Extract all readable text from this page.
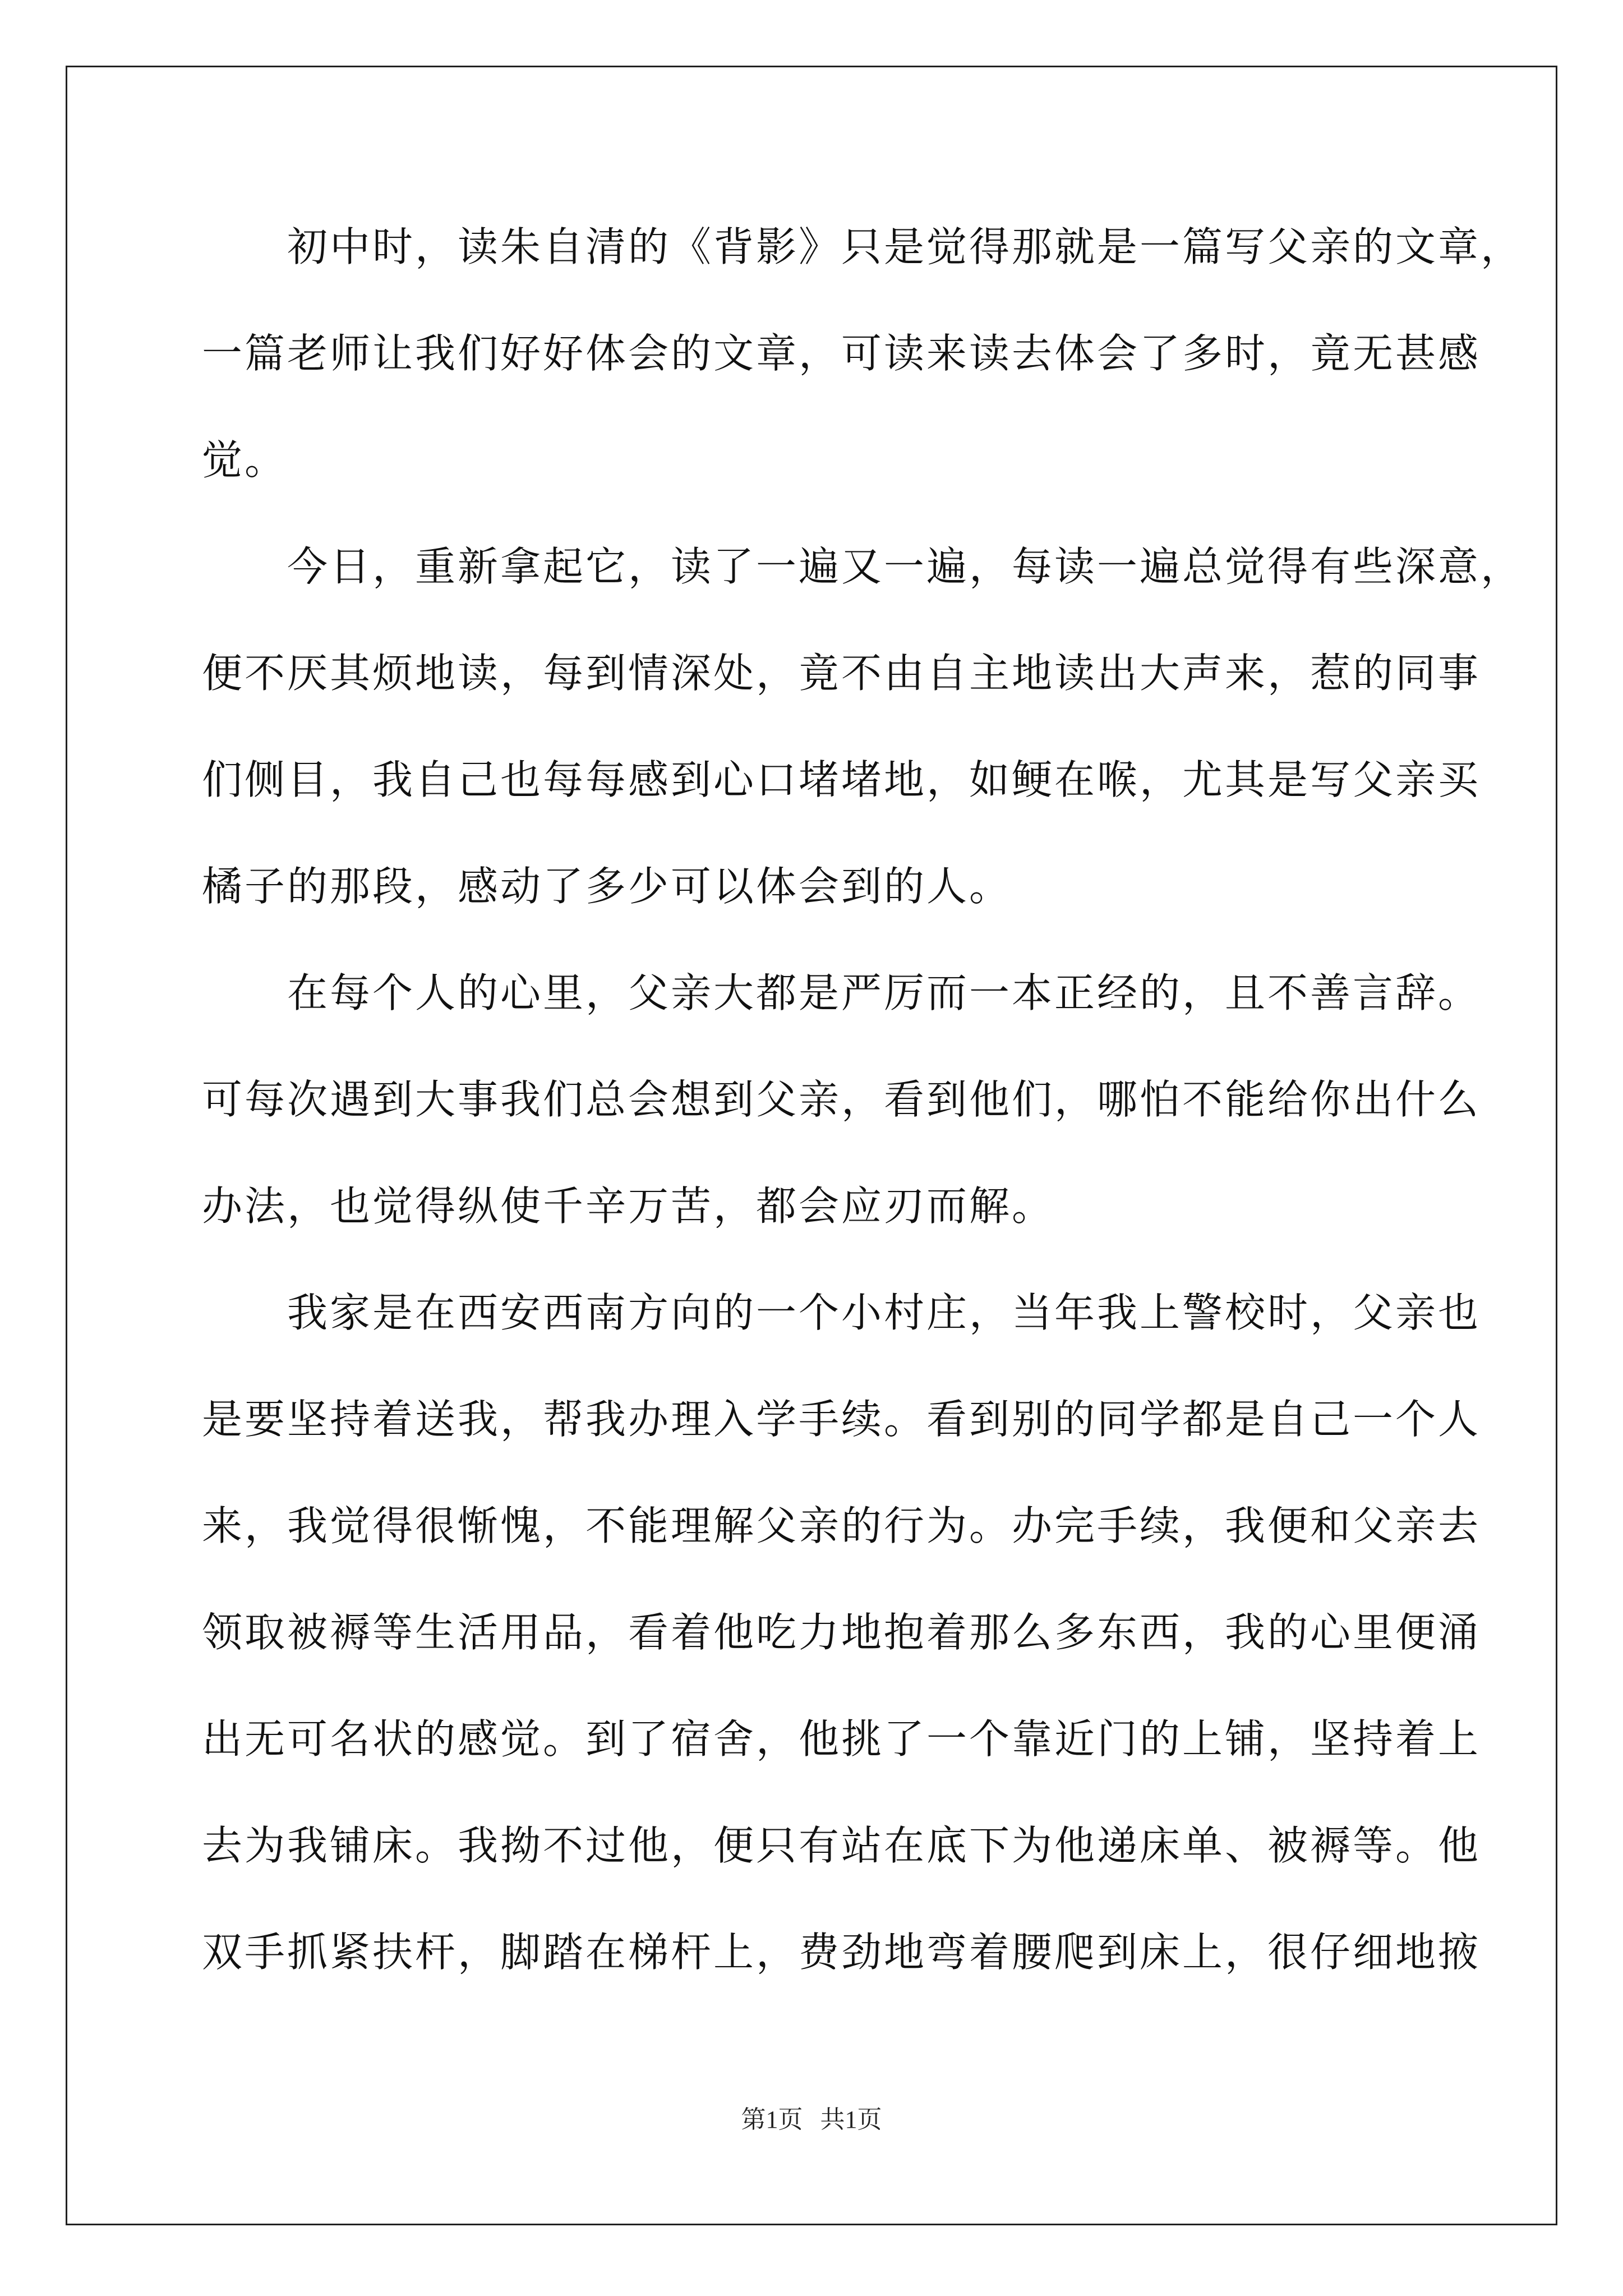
　　初中时，读朱自清的《背影》只是觉得那就是一篇写父亲的文章，
一篇老师让我们好好体会的文章，可读来读去体会了多时，竟无甚感
觉。
　　今日，重新拿起它，读了一遍又一遍，每读一遍总觉得有些深意，
便不厌其烦地读，每到情深处，竟不由自主地读出大声来，惹的同事
们侧目，我自己也每每感到心口堵堵地，如鲠在喉，尤其是写父亲买
橘子的那段，感动了多少可以体会到的人。
　　在每个人的心里，父亲大都是严厉而一本正经的，且不善言辞。
可每次遇到大事我们总会想到父亲，看到他们，哪怕不能给你出什么
办法，也觉得纵使千辛万苦，都会应刃而解。
　　我家是在西安西南方向的一个小村庄，当年我上警校时，父亲也
是要坚持着送我，帮我办理入学手续。看到别的同学都是自己一个人
来，我觉得很惭愧，不能理解父亲的行为。办完手续，我便和父亲去
领取被褥等生活用品，看着他吃力地抱着那么多东西，我的心里便涌
出无可名状的感觉。到了宿舍，他挑了一个靠近门的上铺，坚持着上
去为我铺床。我拗不过他，便只有站在底下为他递床单、被褥等。他
双手抓紧扶杆，脚踏在梯杆上，费劲地弯着腰爬到床上，很仔细地掖
第1页 共1页
